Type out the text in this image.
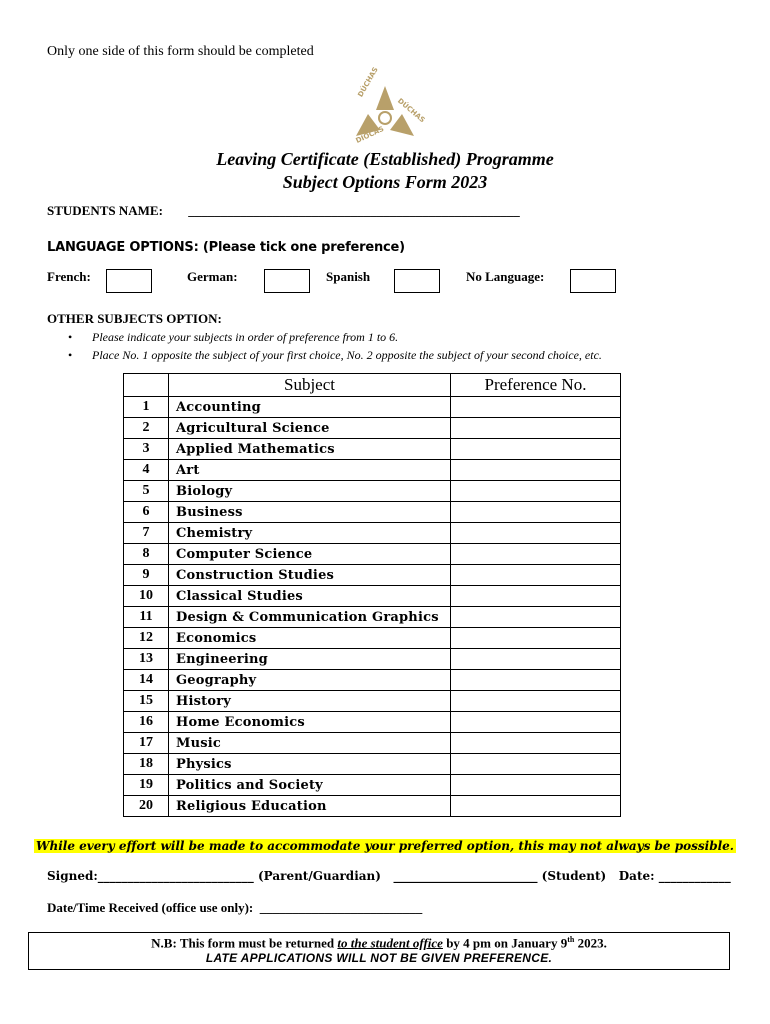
Only one side of this form should be completed
DÚCHAS
DÚCHAS
DIOCAS
Leaving Certificate (Established) Programme
Subject Options Form 2023
STUDENTS NAME: ___________________________________________________
LANGUAGE OPTIONS: (Please tick one preference)
French:	German:	Spanish	No Language:
OTHER SUBJECTS OPTION:
• Please indicate your subjects in order of preference from 1 to 6.
• Place No. 1 opposite the subject of your first choice, No. 2 opposite the subject of your second choice, etc.
	Subject	Preference No.
1	Accounting	
2	Agricultural Science	
3	Applied Mathematics	
4	Art	
5	Biology	
6	Business	
7	Chemistry	
8	Computer Science	
9	Construction Studies	
10	Classical Studies	
11	Design & Communication Graphics	
12	Economics	
13	Engineering	
14	Geography	
15	History	
16	Home Economics	
17	Music	
18	Physics	
19	Politics and Society	
20	Religious Education	
While every effort will be made to accommodate your preferred option, this may not always be possible.
Signed:__________________________ (Parent/Guardian)   ________________________ (Student)   Date: ____________
Date/Time Received (office use only):  _________________________
N.B: This form must be returned to the student office by 4 pm on January 9th 2023.
LATE APPLICATIONS WILL NOT BE GIVEN PREFERENCE.
